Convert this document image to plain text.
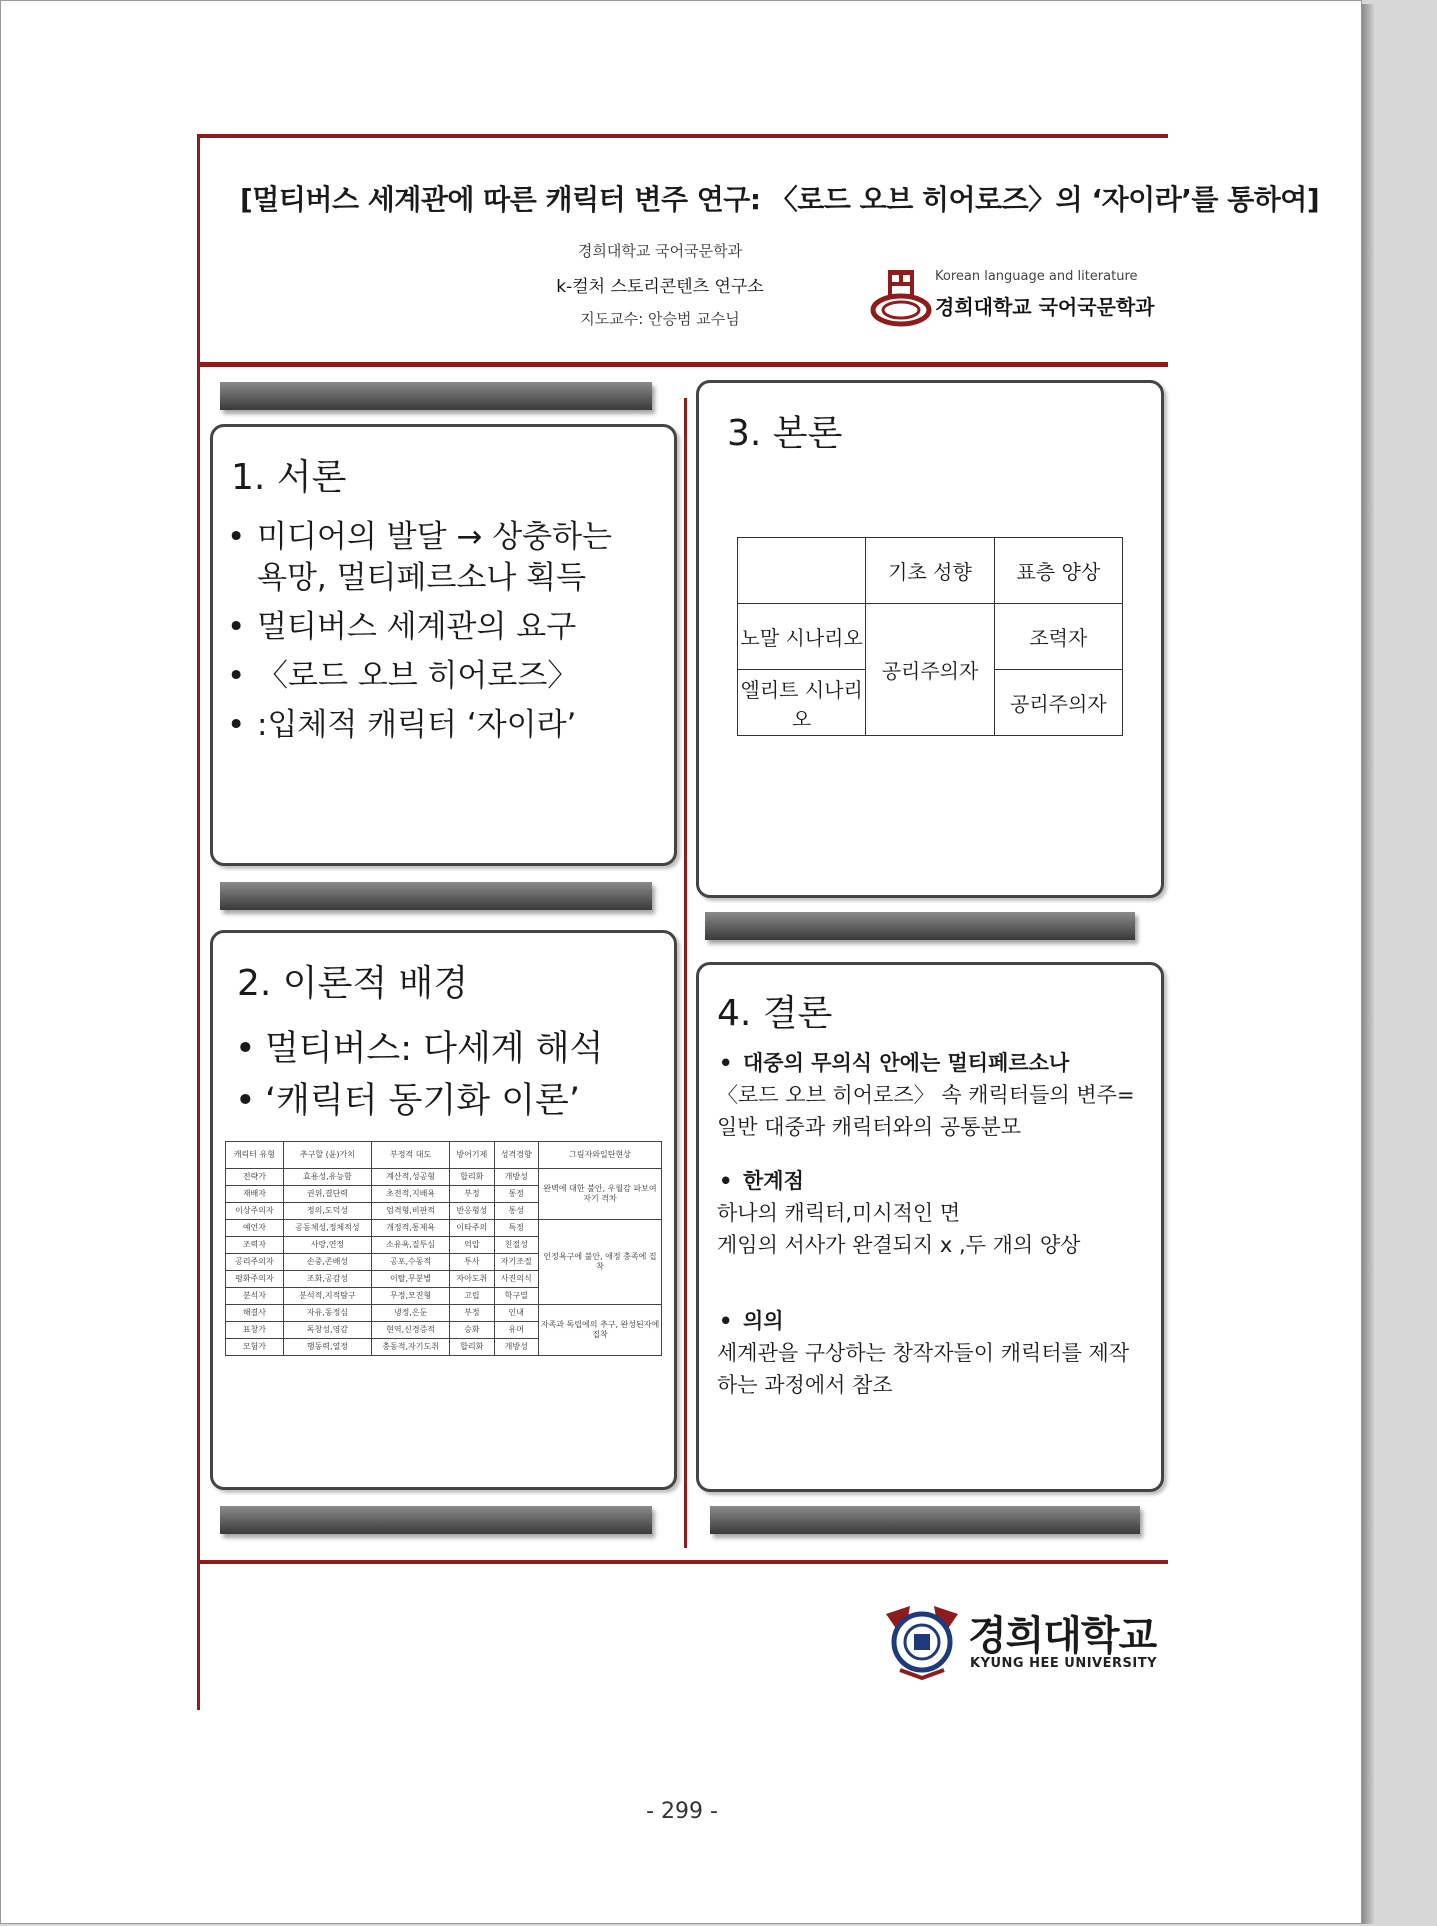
[멀티버스 세계관에 따른 캐릭터 변주 연구: 〈로드 오브 히어로즈〉의 ‘자이라’를 통하여]
경희대학교 국어국문학과
k-컬처 스토리콘텐츠 연구소
지도교수: 안승범 교수님
Korean language and literature
경희대학교 국어국문학과
1. 서론
• 미디어의 발달 → 상충하는 욕망, 멀티페르소나 획득
• 멀티버스 세계관의 요구
• 〈로드 오브 히어로즈〉
• :입체적 캐릭터 ‘자이라’
2. 이론적 배경
• 멀티버스: 다세계 해석
• ‘캐릭터 동기화 이론’
캐릭터 유형	추구할 (윤)가치	부정적 대도	방어기제	성격경향	그림자와일탄현상
전략가	효용성,유능함	계산적,성공형	합리화	개방성	완벽에 대한 불안, 우월감 파보여 자기 격차
재배자	권위,결단력	초전적,지배욕	부정	통정	
이상주의자	정의,도덕성	엄격형,비판적	반응형성	통성	
예언자	공동체성,정체적성	개정적,통제욕	이타주의	특정	인정욕구에 불안, 애정 충족에 집착
조력자	사랑,연정	소유욕,질투심	억압	친절성	
공리주의자	손중,존배성	공포,수동적	투사	자기조절	
평화주의자	조화,공감성	이탈,무분별	자아도취	사진의식	
분석자	분석적,지적탐구	무정,모진형	고립	학구열	
해결사	자유,동정심	냉정,은둔	부정	인내	자족과 독립에의 추구, 완성된자에 집착
표창가	독창성,영감	현역,신경증적	승화	유머	
모험가	행동력,열정	충동적,자기도취	합리화	개방성	
3. 본론
	기초 성향	표층 양상
노말 시나리오	공리주의자	조력자
엘리트 시나리오		공리주의자
4. 결론
• 대중의 무의식 안에는 멀티페르소나
〈로드 오브 히어로즈〉 속 캐릭터들의 변주= 일반 대중과 캐릭터와의 공통분모
• 한계점
하나의 캐릭터,미시적인 면
게임의 서사가 완결되지 x ,두 개의 양상
• 의의
세계관을 구상하는 창작자들이 캐릭터를 제작하는 과정에서 참조
경희대학교
KYUNG HEE UNIVERSITY
- 299 -
